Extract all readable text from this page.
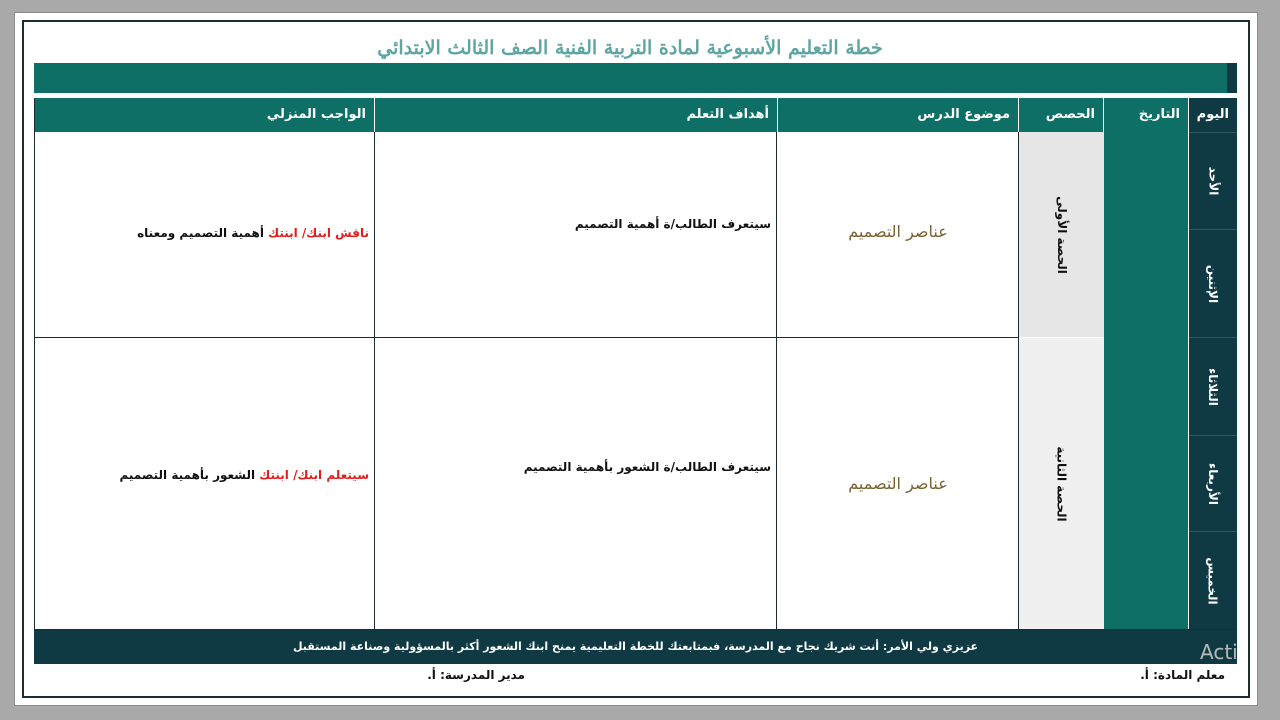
خطة التعليم الأسبوعية لمادة التربية الفنية الصف الثالث الابتدائي
اليوم
التاريخ
الحصص
موضوع الدرس
أهداف التعلم
الواجب المنزلي
الأحد
الإثنين
الثلاثاء
الأربعاء
الخميس
الحصة الأولى
الحصة الثانية
عناصر التصميم
عناصر التصميم
سيتعرف الطالب/ة أهمية التصميم
سيتعرف الطالب/ة الشعور بأهمية التصميم
ناقش ابنك/ ابنتك أهمية التصميم ومعناه
سيتعلم ابنك/ ابنتك الشعور بأهمية التصميم
عزيزي ولي الأمر: أنت شريك نجاح مع المدرسة، فبمتابعتك للخطة التعليمية يمنح ابنك الشعور أكثر بالمسؤولية وصناعة المستقبل
معلم المادة: أ.
مدير المدرسة: أ.
Acti
